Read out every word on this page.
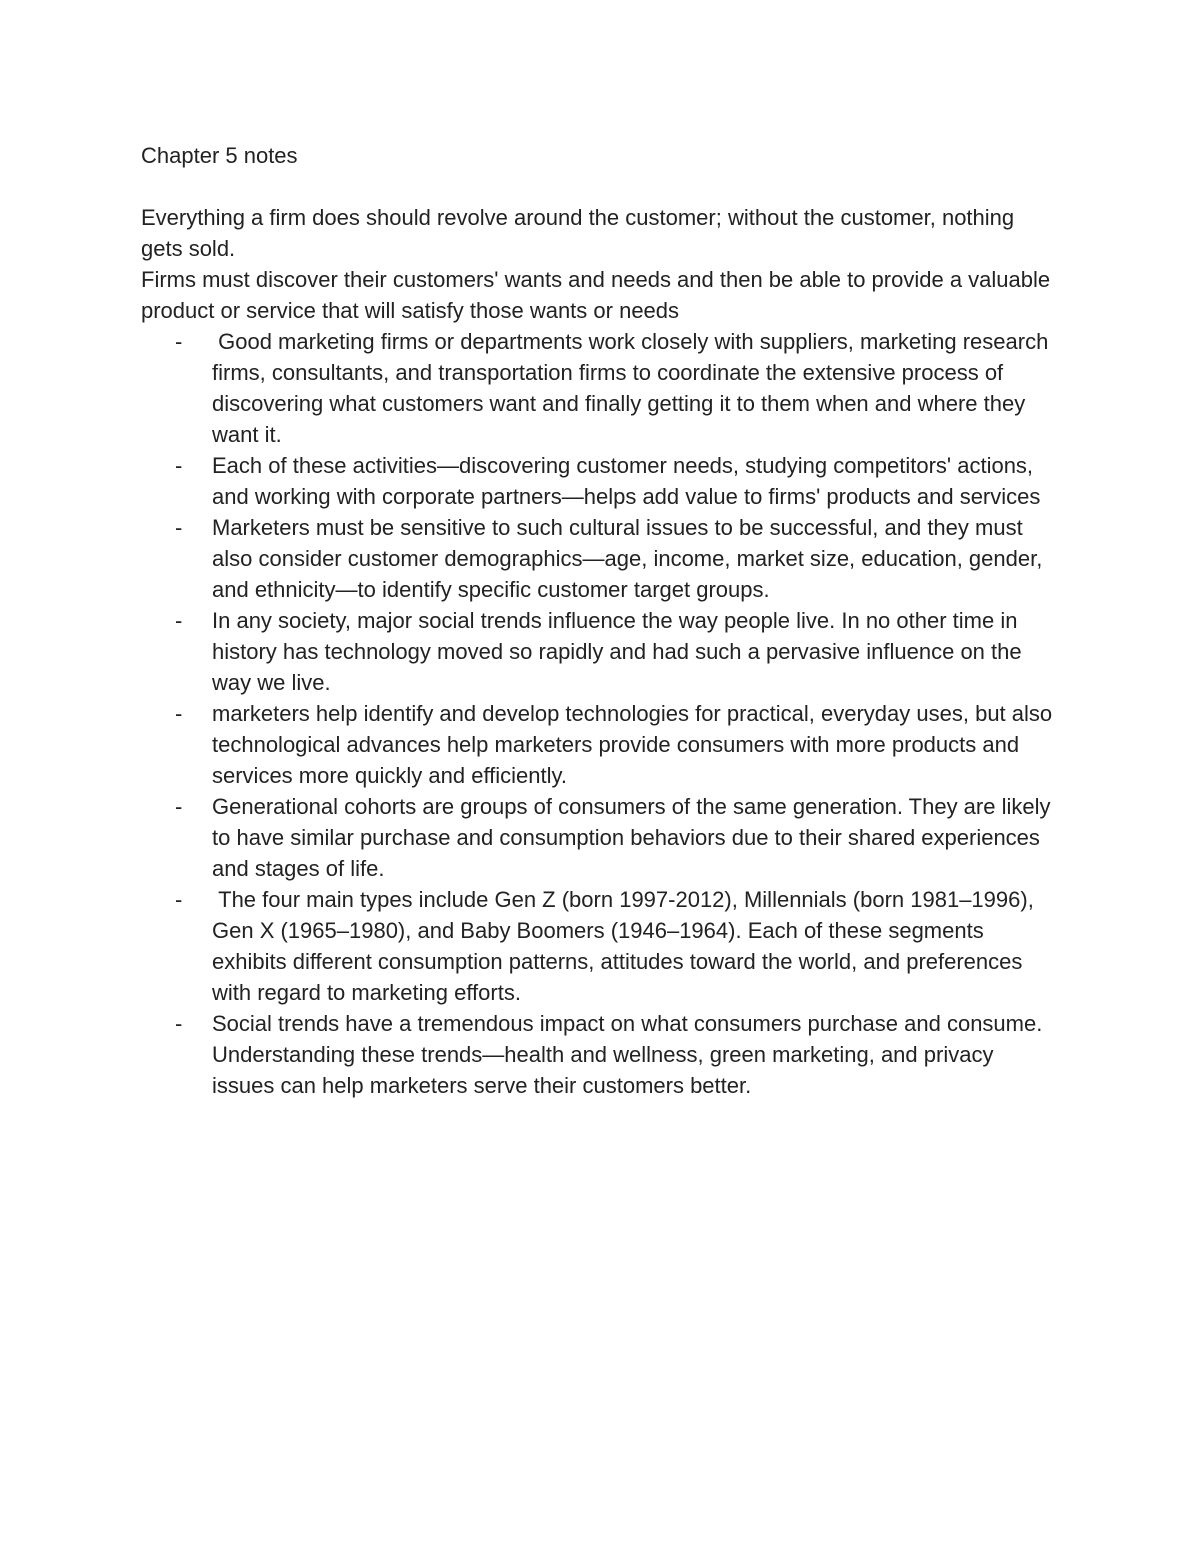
Chapter 5 notes

Everything a firm does should revolve around the customer; without the customer, nothing gets sold.

Firms must discover their customers' wants and needs and then be able to provide a valuable product or service that will satisfy those wants or needs

- Good marketing firms or departments work closely with suppliers, marketing research firms, consultants, and transportation firms to coordinate the extensive process of discovering what customers want and finally getting it to them when and where they want it.
- Each of these activities—discovering customer needs, studying competitors' actions, and working with corporate partners—helps add value to firms' products and services
- Marketers must be sensitive to such cultural issues to be successful, and they must also consider customer demographics—age, income, market size, education, gender, and ethnicity—to identify specific customer target groups.
- In any society, major social trends influence the way people live. In no other time in history has technology moved so rapidly and had such a pervasive influence on the way we live.
- marketers help identify and develop technologies for practical, everyday uses, but also technological advances help marketers provide consumers with more products and services more quickly and efficiently.
- Generational cohorts are groups of consumers of the same generation. They are likely to have similar purchase and consumption behaviors due to their shared experiences and stages of life.
- The four main types include Gen Z (born 1997-2012), Millennials (born 1981–1996), Gen X (1965–1980), and Baby Boomers (1946–1964). Each of these segments exhibits different consumption patterns, attitudes toward the world, and preferences with regard to marketing efforts.
- Social trends have a tremendous impact on what consumers purchase and consume. Understanding these trends—health and wellness, green marketing, and privacy issues can help marketers serve their customers better.
